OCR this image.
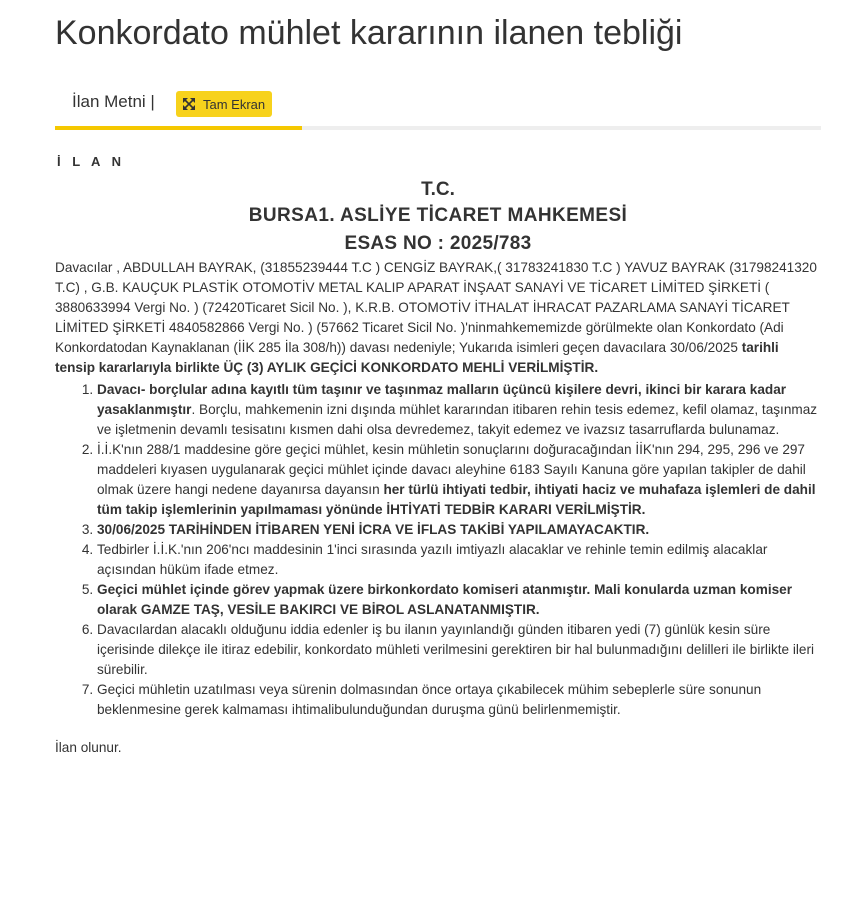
Konkordato mühlet kararının ilanen tebliği
İlan Metni |	Tam Ekran
İ L A N
T.C.
BURSA1. ASLİYE TİCARET MAHKEMESİ
ESAS NO : 2025/783
Davacılar , ABDULLAH BAYRAK, (31855239444 T.C ) CENGİZ BAYRAK,( 31783241830 T.C ) YAVUZ BAYRAK (31798241320 T.C) , G.B. KAUÇUK PLASTİK OTOMOTİV METAL KALIP APARAT İNŞAAT SANAYİ VE TİCARET LİMİTED ŞİRKETİ ( 3880633994 Vergi No. ) (72420Ticaret Sicil No. ), K.R.B. OTOMOTİV İTHALAT İHRACAT PAZARLAMA SANAYİ TİCARET LİMİTED ŞİRKETİ 4840582866 Vergi No. ) (57662 Ticaret Sicil No. )'ninmahkememizde görülmekte olan Konkordato (Adi Konkordatodan Kaynaklanan (İİK 285 İla 308/h)) davası nedeniyle; Yukarıda isimleri geçen davacılara 30/06/2025 tarihli tensip kararlarıyla birlikte ÜÇ (3) AYLIK GEÇİCİ KONKORDATO MEHLİ VERİLMİŞTİR.
1. Davacı- borçlular adına kayıtlı tüm taşınır ve taşınmaz malların üçüncü kişilere devri, ikinci bir karara kadar yasaklanmıştır. Borçlu, mahkemenin izni dışında mühlet kararından itibaren rehin tesis edemez, kefil olamaz, taşınmaz ve işletmenin devamlı tesisatını kısmen dahi olsa devredemez, takyit edemez ve ivazsız tasarruflarda bulunamaz.
2. İ.İ.K'nın 288/1 maddesine göre geçici mühlet, kesin mühletin sonuçlarını doğuracağından İİK'nın 294, 295, 296 ve 297 maddeleri kıyasen uygulanarak geçici mühlet içinde davacı aleyhine 6183 Sayılı Kanuna göre yapılan takipler de dahil olmak üzere hangi nedene dayanırsa dayansın her türlü ihtiyati tedbir, ihtiyati haciz ve muhafaza işlemleri de dahil tüm takip işlemlerinin yapılmaması yönünde İHTİYATİ TEDBİR KARARI VERİLMİŞTİR.
3. 30/06/2025 TARİHİNDEN İTİBAREN YENİ İCRA VE İFLAS TAKİBİ YAPILAMAYACAKTIR.
4. Tedbirler İ.İ.K.'nın 206'ncı maddesinin 1'inci sırasında yazılı imtiyazlı alacaklar ve rehinle temin edilmiş alacaklar açısından hüküm ifade etmez.
5. Geçici mühlet içinde görev yapmak üzere birkonkordato komiseri atanmıştır. Mali konularda uzman komiser olarak GAMZE TAŞ, VESİLE BAKIRCI VE BİROL ASLANATANMIŞTIR.
6. Davacılardan alacaklı olduğunu iddia edenler iş bu ilanın yayınlandığı günden itibaren yedi (7) günlük kesin süre içerisinde dilekçe ile itiraz edebilir, konkordato mühleti verilmesini gerektiren bir hal bulunmadığını delilleri ile birlikte ileri sürebilir.
7. Geçici mühletin uzatılması veya sürenin dolmasından önce ortaya çıkabilecek mühim sebeplerle süre sonunun beklenmesine gerek kalmaması ihtimalibulunduğundan duruşma günü belirlenmemiştir.
İlan olunur.
